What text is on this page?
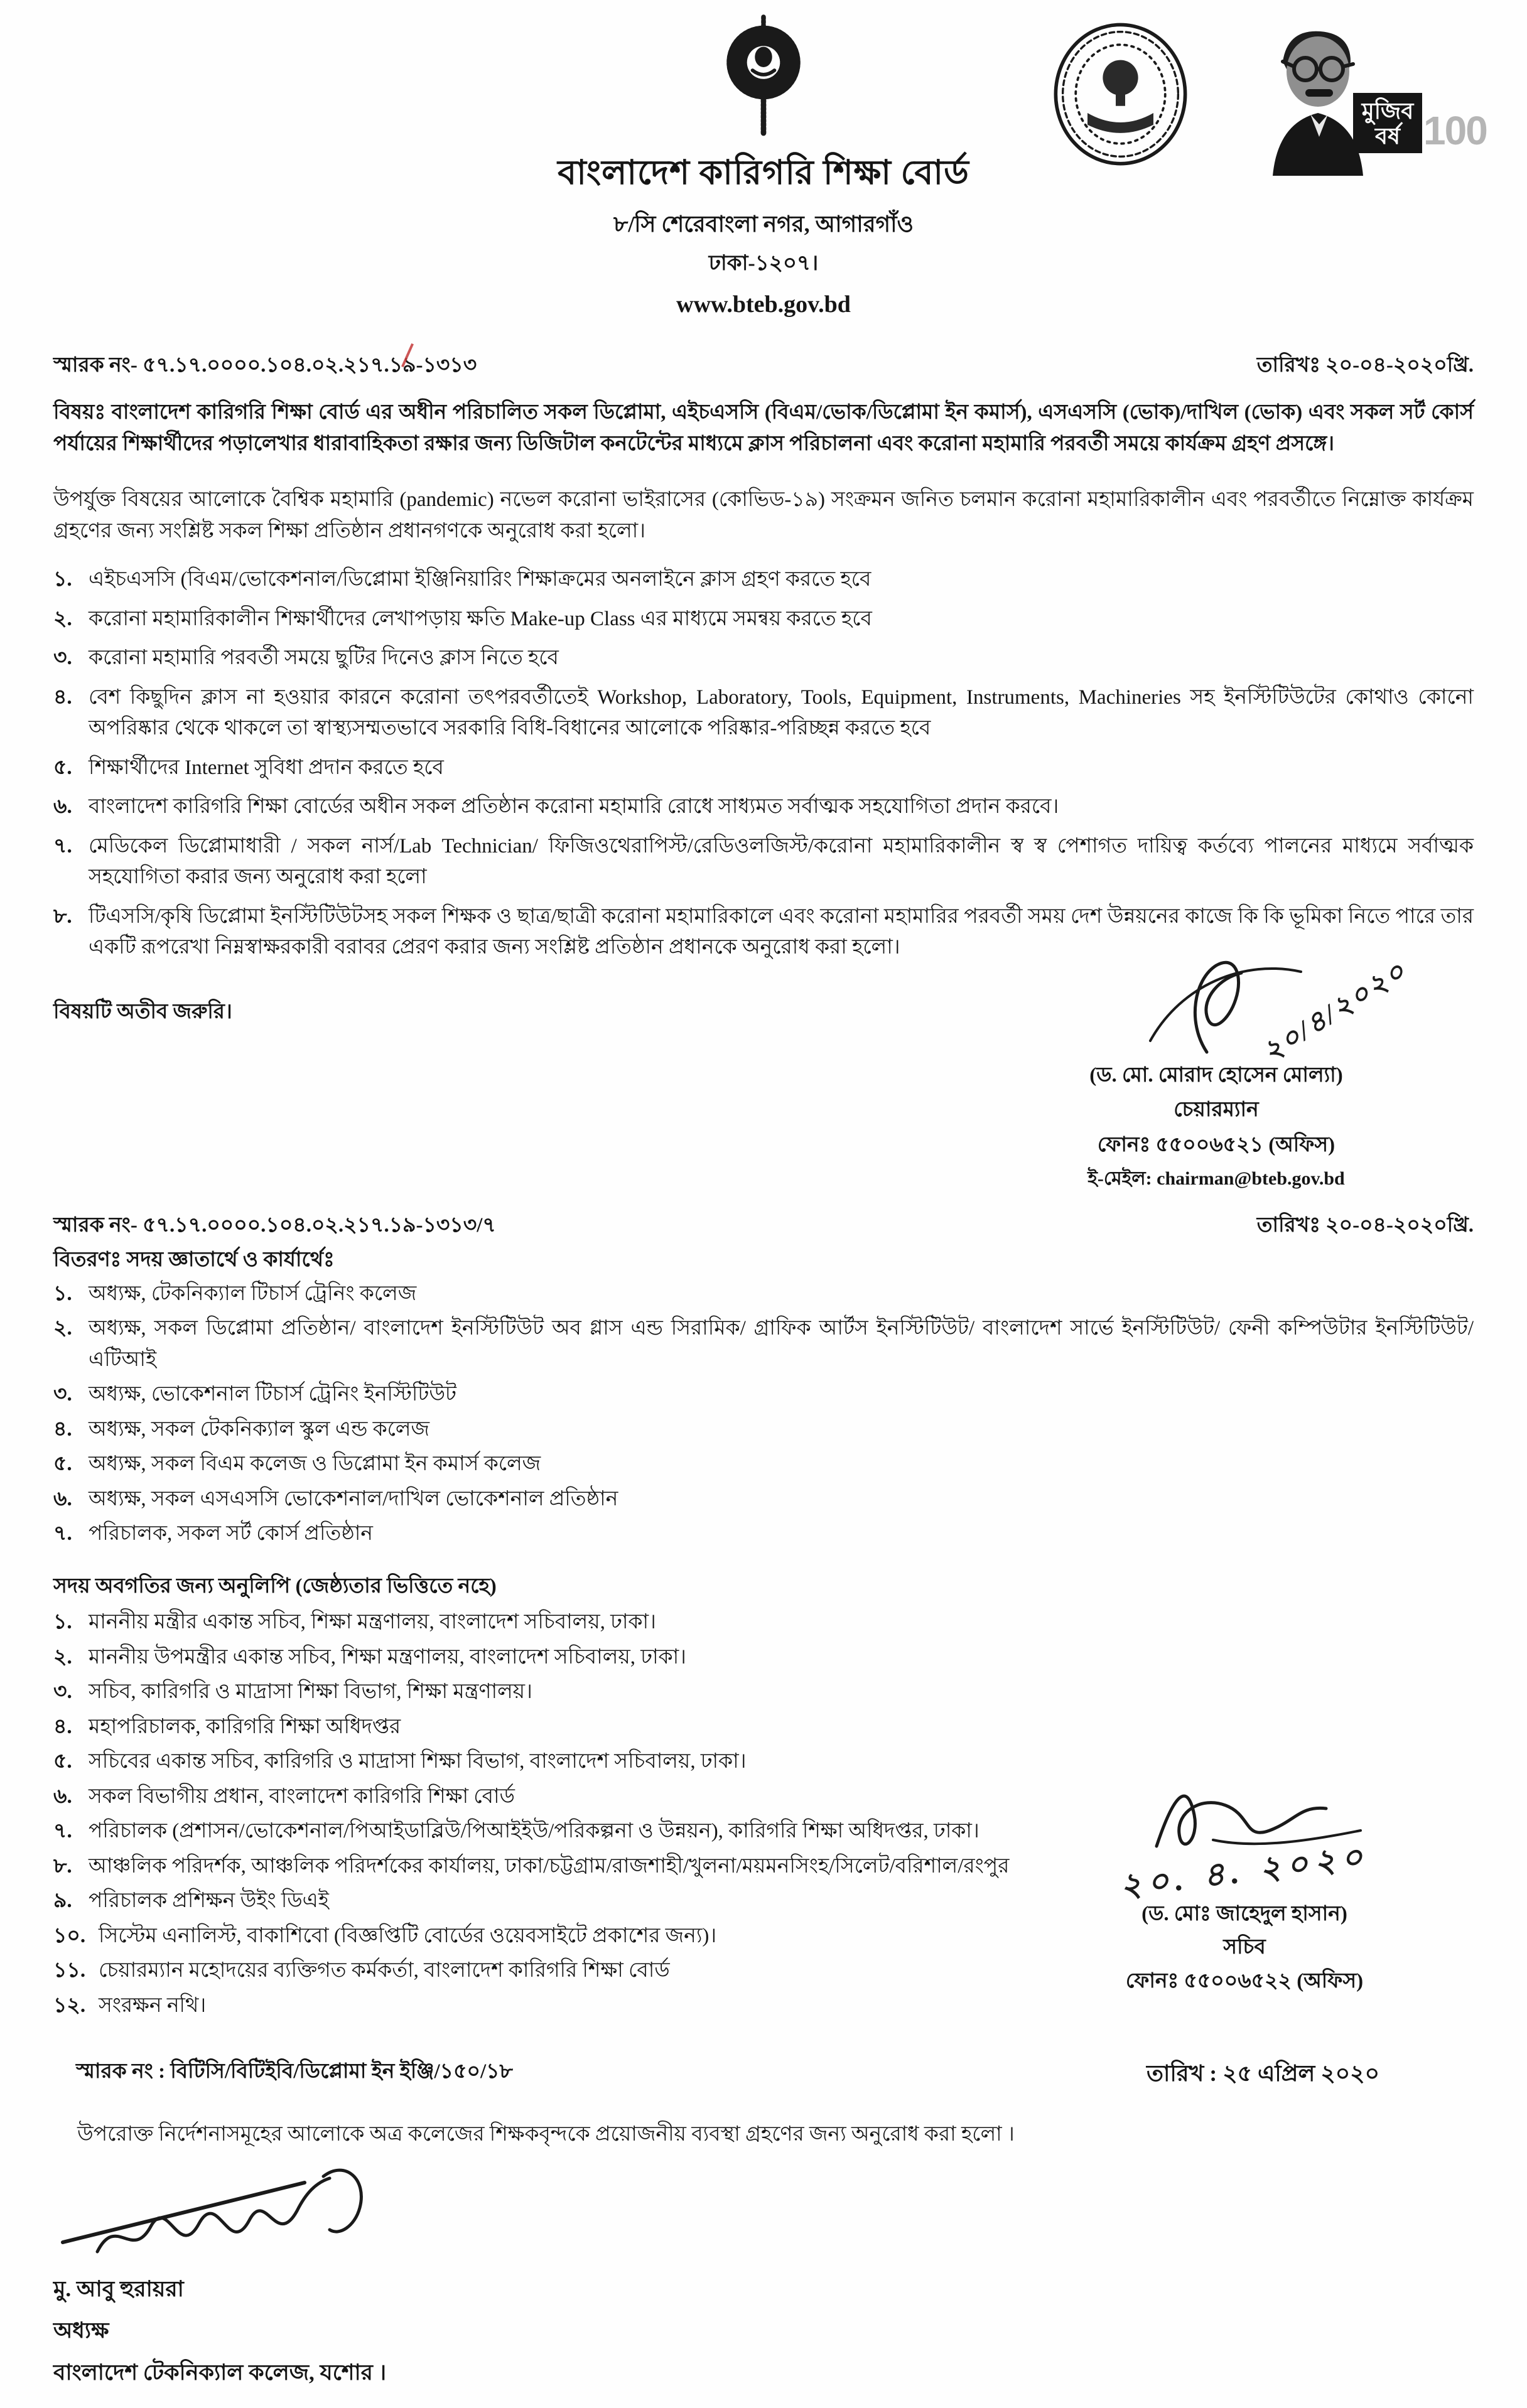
বাংলাদেশ কারিগরি শিক্ষা বোর্ড
৮/সি শেরেবাংলা নগর, আগারগাঁও
ঢাকা-১২০৭।
www.bteb.gov.bd
মুজিব
বর্ষ 100
স্মারক নং- ৫৭.১৭.০০০০.১০৪.০২.২১৭.১৯-১৩১৩	তারিখঃ ২০-০৪-২০২০খ্রি.
বিষয়ঃ বাংলাদেশ কারিগরি শিক্ষা বোর্ড এর অধীন পরিচালিত সকল ডিপ্লোমা, এইচএসসি (বিএম/ভোক/ডিপ্লোমা ইন কমার্স), এসএসসি (ভোক)/দাখিল (ভোক) এবং সকল সর্ট কোর্স পর্যায়ের শিক্ষার্থীদের পড়ালেখার ধারাবাহিকতা রক্ষার জন্য ডিজিটাল কনটেন্টের মাধ্যমে ক্লাস পরিচালনা এবং করোনা মহামারি পরবর্তী সময়ে কার্যক্রম গ্রহণ প্রসঙ্গে।
উপর্যুক্ত বিষয়ের আলোকে বৈশ্বিক মহামারি (pandemic) নভেল করোনা ভাইরাসের (কোভিড-১৯) সংক্রমন জনিত চলমান করোনা মহামারিকালীন এবং পরবর্তীতে নিম্নোক্ত কার্যক্রম গ্রহণের জন্য সংশ্লিষ্ট সকল শিক্ষা প্রতিষ্ঠান প্রধানগণকে অনুরোধ করা হলো।
১. এইচএসসি (বিএম/ভোকেশনাল/ডিপ্লোমা ইঞ্জিনিয়ারিং শিক্ষাক্রমের অনলাইনে ক্লাস গ্রহণ করতে হবে
২. করোনা মহামারিকালীন শিক্ষার্থীদের লেখাপড়ায় ক্ষতি Make-up Class এর মাধ্যমে সমন্বয় করতে হবে
৩. করোনা মহামারি পরবর্তী সময়ে ছুটির দিনেও ক্লাস নিতে হবে
৪. বেশ কিছুদিন ক্লাস না হওয়ার কারনে করোনা তৎপরবর্তীতেই Workshop, Laboratory, Tools, Equipment, Instruments, Machineries সহ ইনস্টিটিউটের কোথাও কোনো অপরিষ্কার থেকে থাকলে তা স্বাস্থ্যসম্মতভাবে সরকারি বিধি-বিধানের আলোকে পরিষ্কার-পরিচ্ছন্ন করতে হবে
৫. শিক্ষার্থীদের Internet সুবিধা প্রদান করতে হবে
৬. বাংলাদেশ কারিগরি শিক্ষা বোর্ডের অধীন সকল প্রতিষ্ঠান করোনা মহামারি রোধে সাধ্যমত সর্বাত্মক সহযোগিতা প্রদান করবে।
৭. মেডিকেল ডিপ্লোমাধারী / সকল নার্স/Lab Technician/ ফিজিওথেরাপিস্ট/রেডিওলজিস্ট/করোনা মহামারিকালীন স্ব স্ব পেশাগত দায়িত্ব কর্তব্যে পালনের মাধ্যমে সর্বাত্মক সহযোগিতা করার জন্য অনুরোধ করা হলো
৮. টিএসসি/কৃষি ডিপ্লোমা ইনস্টিটিউটসহ সকল শিক্ষক ও ছাত্র/ছাত্রী করোনা মহামারিকালে এবং করোনা মহামারির পরবর্তী সময় দেশ উন্নয়নের কাজে কি কি ভূমিকা নিতে পারে তার একটি রূপরেখা নিম্নস্বাক্ষরকারী বরাবর প্রেরণ করার জন্য সংশ্লিষ্ট প্রতিষ্ঠান প্রধানকে অনুরোধ করা হলো।
বিষয়টি অতীব জরুরি।	২০/৪/২০২০
(ড. মো. মোরাদ হোসেন মোল্যা)
চেয়ারম্যান
ফোনঃ ৫৫০০৬৫২১ (অফিস)
ই-মেইল: chairman@bteb.gov.bd
স্মারক নং- ৫৭.১৭.০০০০.১০৪.০২.২১৭.১৯-১৩১৩/৭	তারিখঃ ২০-০৪-২০২০খ্রি.
বিতরণঃ সদয় জ্ঞাতার্থে ও কার্যার্থেঃ
১. অধ্যক্ষ, টেকনিক্যাল টিচার্স ট্রেনিং কলেজ
২. অধ্যক্ষ, সকল ডিপ্লোমা প্রতিষ্ঠান/ বাংলাদেশ ইনস্টিটিউট অব গ্লাস এন্ড সিরামিক/ গ্রাফিক আর্টস ইনস্টিটিউট/ বাংলাদেশ সার্ভে ইনস্টিটিউট/ ফেনী কম্পিউটার ইনস্টিটিউট/ এটিআই
৩. অধ্যক্ষ, ভোকেশনাল টিচার্স ট্রেনিং ইনস্টিটিউট
৪. অধ্যক্ষ, সকল টেকনিক্যাল স্কুল এন্ড কলেজ
৫. অধ্যক্ষ, সকল বিএম কলেজ ও ডিপ্লোমা ইন কমার্স কলেজ
৬. অধ্যক্ষ, সকল এসএসসি ভোকেশনাল/দাখিল ভোকেশনাল প্রতিষ্ঠান
৭. পরিচালক, সকল সর্ট কোর্স প্রতিষ্ঠান
সদয় অবগতির জন্য অনুলিপি (জেষ্ঠ্যতার ভিত্তিতে নহে)
১. মাননীয় মন্ত্রীর একান্ত সচিব, শিক্ষা মন্ত্রণালয়, বাংলাদেশ সচিবালয়, ঢাকা।
২. মাননীয় উপমন্ত্রীর একান্ত সচিব, শিক্ষা মন্ত্রণালয়, বাংলাদেশ সচিবালয়, ঢাকা।
৩. সচিব, কারিগরি ও মাদ্রাসা শিক্ষা বিভাগ, শিক্ষা মন্ত্রণালয়।
৪. মহাপরিচালক, কারিগরি শিক্ষা অধিদপ্তর
৫. সচিবের একান্ত সচিব, কারিগরি ও মাদ্রাসা শিক্ষা বিভাগ, বাংলাদেশ সচিবালয়, ঢাকা।
৬. সকল বিভাগীয় প্রধান, বাংলাদেশ কারিগরি শিক্ষা বোর্ড
৭. পরিচালক (প্রশাসন/ভোকেশনাল/পিআইডাব্লিউ/পিআইইউ/পরিকল্পনা ও উন্নয়ন), কারিগরি শিক্ষা অধিদপ্তর, ঢাকা।
৮. আঞ্চলিক পরিদর্শক, আঞ্চলিক পরিদর্শকের কার্যালয়, ঢাকা/চট্টগ্রাম/রাজশাহী/খুলনা/ময়মনসিংহ/সিলেট/বরিশাল/রংপুর
৯. পরিচালক প্রশিক্ষন উইং ডিএই
১০. সিস্টেম এনালিস্ট, বাকাশিবো (বিজ্ঞপ্তিটি বোর্ডের ওয়েবসাইটে প্রকাশের জন্য)।
১১. চেয়ারম্যান মহোদয়ের ব্যক্তিগত কর্মকর্তা, বাংলাদেশ কারিগরি শিক্ষা বোর্ড
১২. সংরক্ষন নথি।
২০. ৪. ২০২০
(ড. মোঃ জাহেদুল হাসান)
সচিব
ফোনঃ ৫৫০০৬৫২২ (অফিস)
স্মারক নং : বিটিসি/বিটিইবি/ডিপ্লোমা ইন ইঞ্জি/১৫০/১৮	তারিখ : ২৫ এপ্রিল ২০২০
উপরোক্ত নির্দেশনাসমূহের আলোকে অত্র কলেজের শিক্ষকবৃন্দকে প্রয়োজনীয় ব্যবস্থা গ্রহণের জন্য অনুরোধ করা হলো ।
মু. আবু হুরায়রা
অধ্যক্ষ
বাংলাদেশ টেকনিক্যাল কলেজ, যশোর ।
